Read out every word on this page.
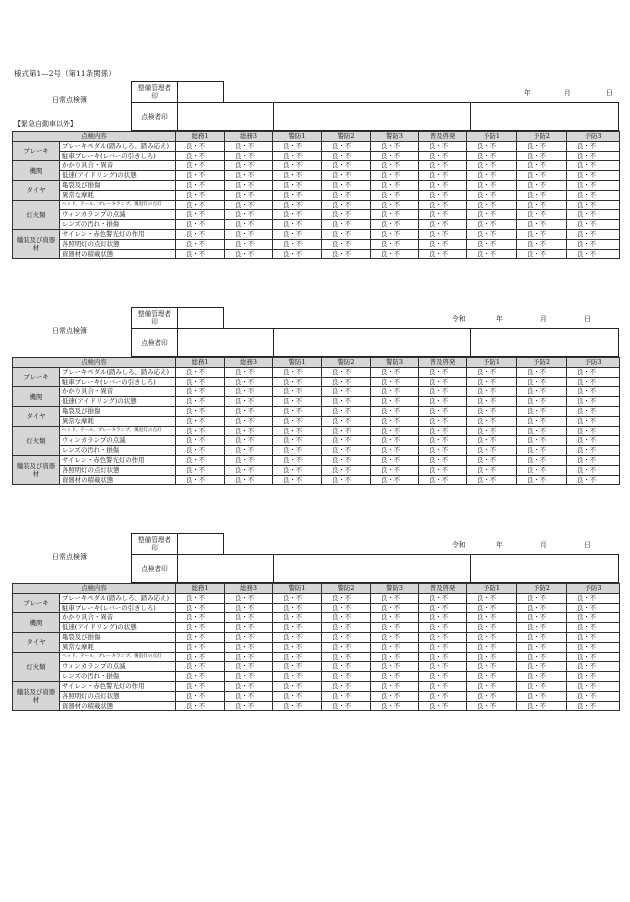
様式第1—2号（第11条関係）
日常点検簿
整備管理者印
点検者印
【緊急自動車以外】
年	月	日
点検内容		総務1	総務3	警防1	警防2	警防3	普及啓発	予防1	予防2	予防3
ブレーキ	ブレーキペダル(踏みしろ、踏み応え)	良・不	良・不	良・不	良・不	良・不	良・不	良・不	良・不	良・不
	駐車ブレーキ(レバーの引きしろ)	良・不	良・不	良・不	良・不	良・不	良・不	良・不	良・不	良・不
機関	かかり具合・異音	良・不	良・不	良・不	良・不	良・不	良・不	良・不	良・不	良・不
	低速(アイドリング)の状態	良・不	良・不	良・不	良・不	良・不	良・不	良・不	良・不	良・不
タイヤ	亀裂及び損傷	良・不	良・不	良・不	良・不	良・不	良・不	良・不	良・不	良・不
	異常な摩耗	良・不	良・不	良・不	良・不	良・不	良・不	良・不	良・不	良・不
灯火類	ヘッド、テール、ブレーキランプ、後退灯の点灯	良・不	良・不	良・不	良・不	良・不	良・不	良・不	良・不	良・不
	ウィンカランプの点滅	良・不	良・不	良・不	良・不	良・不	良・不	良・不	良・不	良・不
	レンズの汚れ・損傷	良・不	良・不	良・不	良・不	良・不	良・不	良・不	良・不	良・不
艤装及び資器材	サイレン・赤色警光灯の作用	良・不	良・不	良・不	良・不	良・不	良・不	良・不	良・不	良・不
	各照明灯の点灯状態	良・不	良・不	良・不	良・不	良・不	良・不	良・不	良・不	良・不
	資器材の積載状態	良・不	良・不	良・不	良・不	良・不	良・不	良・不	良・不	良・不
日常点検簿
整備管理者印
点検者印
令和	年	月	日
点検内容		総務1	総務3	警防1	警防2	警防3	普及啓発	予防1	予防2	予防3
ブレーキ	ブレーキペダル(踏みしろ、踏み応え)	良・不	良・不	良・不	良・不	良・不	良・不	良・不	良・不	良・不
	駐車ブレーキ(レバーの引きしろ)	良・不	良・不	良・不	良・不	良・不	良・不	良・不	良・不	良・不
機関	かかり具合・異音	良・不	良・不	良・不	良・不	良・不	良・不	良・不	良・不	良・不
	低速(アイドリング)の状態	良・不	良・不	良・不	良・不	良・不	良・不	良・不	良・不	良・不
タイヤ	亀裂及び損傷	良・不	良・不	良・不	良・不	良・不	良・不	良・不	良・不	良・不
	異常な摩耗	良・不	良・不	良・不	良・不	良・不	良・不	良・不	良・不	良・不
灯火類	ヘッド、テール、ブレーキランプ、後退灯の点灯	良・不	良・不	良・不	良・不	良・不	良・不	良・不	良・不	良・不
	ウィンカランプの点滅	良・不	良・不	良・不	良・不	良・不	良・不	良・不	良・不	良・不
	レンズの汚れ・損傷	良・不	良・不	良・不	良・不	良・不	良・不	良・不	良・不	良・不
艤装及び資器材	サイレン・赤色警光灯の作用	良・不	良・不	良・不	良・不	良・不	良・不	良・不	良・不	良・不
	各照明灯の点灯状態	良・不	良・不	良・不	良・不	良・不	良・不	良・不	良・不	良・不
	資器材の積載状態	良・不	良・不	良・不	良・不	良・不	良・不	良・不	良・不	良・不
日常点検簿
整備管理者印
点検者印
令和	年	月	日
点検内容		総務1	総務3	警防1	警防2	警防3	普及啓発	予防1	予防2	予防3
ブレーキ	ブレーキペダル(踏みしろ、踏み応え)	良・不	良・不	良・不	良・不	良・不	良・不	良・不	良・不	良・不
	駐車ブレーキ(レバーの引きしろ)	良・不	良・不	良・不	良・不	良・不	良・不	良・不	良・不	良・不
機関	かかり具合・異音	良・不	良・不	良・不	良・不	良・不	良・不	良・不	良・不	良・不
	低速(アイドリング)の状態	良・不	良・不	良・不	良・不	良・不	良・不	良・不	良・不	良・不
タイヤ	亀裂及び損傷	良・不	良・不	良・不	良・不	良・不	良・不	良・不	良・不	良・不
	異常な摩耗	良・不	良・不	良・不	良・不	良・不	良・不	良・不	良・不	良・不
灯火類	ヘッド、テール、ブレーキランプ、後退灯の点灯	良・不	良・不	良・不	良・不	良・不	良・不	良・不	良・不	良・不
	ウィンカランプの点滅	良・不	良・不	良・不	良・不	良・不	良・不	良・不	良・不	良・不
	レンズの汚れ・損傷	良・不	良・不	良・不	良・不	良・不	良・不	良・不	良・不	良・不
艤装及び資器材	サイレン・赤色警光灯の作用	良・不	良・不	良・不	良・不	良・不	良・不	良・不	良・不	良・不
	各照明灯の点灯状態	良・不	良・不	良・不	良・不	良・不	良・不	良・不	良・不	良・不
	資器材の積載状態	良・不	良・不	良・不	良・不	良・不	良・不	良・不	良・不	良・不
